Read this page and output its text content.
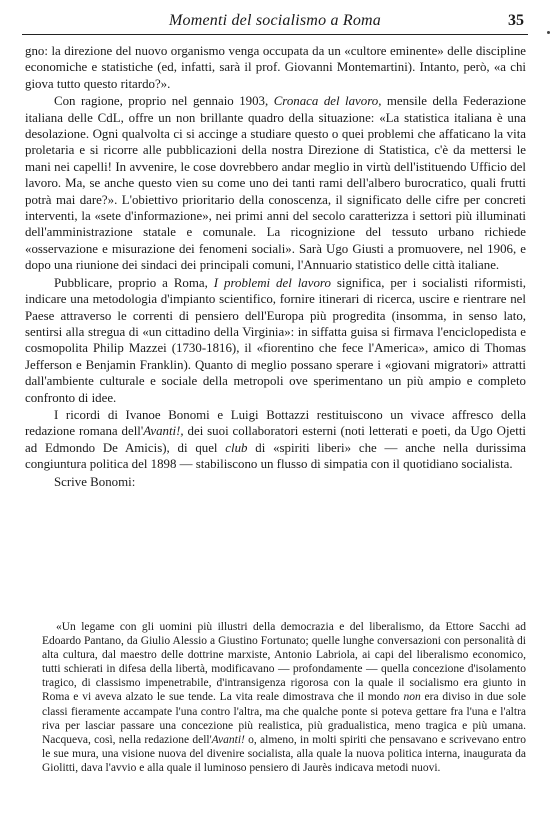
Momenti del socialismo a Roma	35

gno: la direzione del nuovo organismo venga occupata da un «cultore eminente» delle discipline economiche e statistiche (ed, infatti, sarà il prof. Giovanni Montemartini). Intanto, però, «a chi giova tutto questo ritardo?».

Con ragione, proprio nel gennaio 1903, Cronaca del lavoro, mensile della Federazione italiana delle CdL, offre un non brillante quadro della situazione: «La statistica italiana è una desolazione. Ogni qualvolta ci si accinge a studiare questo o quei problemi che affaticano la vita proletaria e si ricorre alle pubblicazioni della nostra Direzione di Statistica, c'è da mettersi le mani nei capelli! In avvenire, le cose dovrebbero andar meglio in virtù dell'istituendo Ufficio del lavoro. Ma, se anche questo vien su come uno dei tanti rami dell'albero burocratico, quali frutti potrà mai dare?». L'obiettivo prioritario della conoscenza, il significato delle cifre per concreti interventi, la «sete d'informazione», nei primi anni del secolo caratterizza i settori più illuminati dell'amministrazione statale e comunale. La ricognizione del tessuto urbano richiede «osservazione e misurazione dei fenomeni sociali». Sarà Ugo Giusti a promuovere, nel 1906, e dopo una riunione dei sindaci dei principali comuni, l'Annuario statistico delle città italiane.

Pubblicare, proprio a Roma, I problemi del lavoro significa, per i socialisti riformisti, indicare una metodologia d'impianto scientifico, fornire itinerari di ricerca, uscire e rientrare nel Paese attraverso le correnti di pensiero dell'Europa più progredita (insomma, in senso lato, sentirsi alla stregua di «un cittadino della Virginia»: in siffatta guisa si firmava l'enciclopedista e cosmopolita Philip Mazzei (1730-1816), il «fiorentino che fece l'America», amico di Thomas Jefferson e Benjamin Franklin). Quanto di meglio possano sperare i «giovani migratori» attratti dall'ambiente culturale e sociale della metropoli ove sperimentano un più ampio e completo confronto di idee.

I ricordi di Ivanoe Bonomi e Luigi Bottazzi restituiscono un vivace affresco della redazione romana dell'Avanti!, dei suoi collaboratori esterni (noti letterati e poeti, da Ugo Ojetti ad Edmondo De Amicis), di quel club di «spiriti liberi» che — anche nella durissima congiuntura politica del 1898 — stabiliscono un flusso di simpatia con il quotidiano socialista.

Scrive Bonomi:

«Un legame con gli uomini più illustri della democrazia e del liberalismo, da Ettore Sacchi ad Edoardo Pantano, da Giulio Alessio a Giustino Fortunato; quelle lunghe conversazioni con personalità di alta cultura, dal maestro delle dottrine marxiste, Antonio Labriola, ai capi del liberalismo economico, tutti schierati in difesa della libertà, modificavano — profondamente — quella concezione d'isolamento tragico, di classismo impenetrabile, d'intransigenza rigorosa con la quale il socialismo era giunto in Roma e vi aveva alzato le sue tende. La vita reale dimostrava che il mondo non era diviso in due sole classi fieramente accampate l'una contro l'altra, ma che qualche ponte si poteva gettare fra l'una e l'altra riva per lasciar passare una concezione più realistica, più gradualistica, meno tragica e più umana. Nacqueva, così, nella redazione dell'Avanti! o, almeno, in molti spiriti che pensavano e scrivevano entro le sue mura, una visione nuova del divenire socialista, alla quale la nuova politica interna, inaugurata da Giolitti, dava l'avvio e alla quale il luminoso pensiero di Jaurès indicava metodi nuovi.
